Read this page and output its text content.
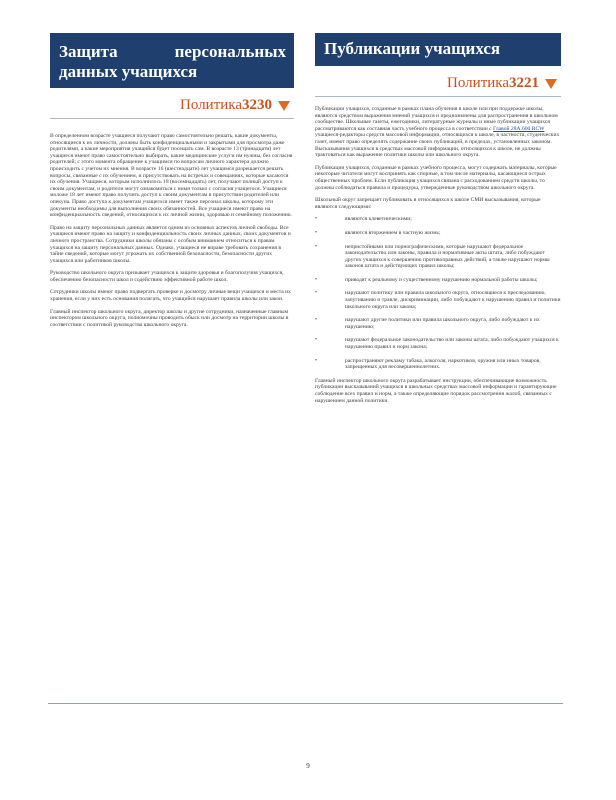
Защита персональных данных учащихся
Политика3230

В определенном возрасте учащиеся получают право самостоятельно решать, какие документы, относящиеся к их личности, должны быть конфиденциальными и закрытыми для просмотра даже родителями, а какие мероприятия учащийся будет посещать сам. В возрасте 13 (тринадцати) лет учащиеся имеют право самостоятельно выбирать, какие медицинские услуги им нужны, без согласия родителей; с этого момента обращение к учащимся по вопросам личного характера должно происходить с учетом их мнения. В возрасте 16 (шестнадцати) лет учащимся разрешается решать вопросы, связанные с их обучением, и присутствовать на встречах и совещаниях, которые касаются их обучения. Учащиеся, которым исполнилось 18 (восемнадцать) лет, получают полный доступ к своим документам, и родители могут ознакомиться с ними только с согласия учащегося. Учащиеся моложе 18 лет имеют право получить доступ к своим документам в присутствии родителей или опекуна. Право доступа к документам учащегося имеет также персонал школы, которому эти документы необходимы для выполнения своих обязанностей. Все учащиеся имеют право на конфиденциальность сведений, относящихся к их личной жизни, здоровью и семейному положению.

Право на защиту персональных данных является одним из основных аспектов личной свободы. Все учащиеся имеют право на защиту и конфиденциальность своих личных данных, своих документов и личного пространства. Сотрудники школы обязаны с особым вниманием относиться к правам учащихся на защиту персональных данных. Однако, учащиеся не вправе требовать сохранения в тайне сведений, которые могут угрожать их собственной безопасности, безопасности других учащихся или работников школы.

Руководство школьного округа призывает учащихся к защите здоровья и благополучия учащихся, обеспечению безопасности школ и содействию эффективной работе школ.

Сотрудники школы имеют право подвергать проверке и досмотру личные вещи учащихся и места их хранения, если у них есть основания полагать, что учащийся нарушает правила школы или закон.

Главный инспектор школьного округа, директор школы и другие сотрудники, назначенные главным инспектором школьного округа, полномочны проводить обыск или досмотр на территории школы в соответствии с политикой руководства школьного округа.

Публикации учащихся
Политика3221

Публикации учащихся, созданные в рамках плана обучения в школе или при поддержке школы, являются средством выражения мнений учащихся и предназначены для распространения в школьном сообществе. Школьные газеты, ежегодники, литературные журналы и иные публикации учащихся рассматриваются как составная часть учебного процесса в соответствии с Главой 28A.600 RCW учащиеся-редакторы средств массовой информации, относящихся к школе, в частности, студенческих газет, имеют право определять содержание своих публикаций, в пределах, установленных законом. Высказывания учащихся в средствах массовой информации, относящихся к школе, не должны трактоваться как выражение политики школы или школьного округа.

Публикации учащихся, созданные в рамках учебного процесса, могут содержать материалы, которые некоторые читатели могут воспринять как спорные, в том числе материалы, касающиеся острых общественных проблем. Если публикация учащихся связана с расходованием средств школы, то должны соблюдаться правила и процедуры, утвержденные руководством школьного округа.

Школьный округ запрещает публиковать в относящихся к школе СМИ высказывания, которые являются следующими:

•	являются клеветническими;
•	являются вторжением в частную жизнь;
•	непристойными или порнографическими, которые нарушают федеральное законодательство или законы, правила и нормативные акты штата, либо побуждают других учащихся к совершению противоправных действий, а также нарушают нормы законов штата и действующих правил школы;
•	приводят к реальному и существенному нарушению нормальной работы школы;
•	нарушают политику или правила школьного округа, относящиеся к преследованию, запугиванию и травле, дискриминации, либо побуждают к нарушению правил и политики школьного округа или закона;
•	нарушают другие политики или правила школьного округа, либо побуждают к их нарушению;
•	нарушают федеральное законодательство или законы штата, либо побуждают учащихся к нарушению правил и норм закона;
•	распространяют рекламу табака, алкоголя, наркотиков, оружия или иных товаров, запрещенных для несовершеннолетних.

Главный инспектор школьного округа разрабатывает инструкции, обеспечивающие возможность публикации высказываний учащихся в школьных средствах массовой информации и гарантирующие соблюдение всех правил и норм, а также определяющие порядок рассмотрения жалоб, связанных с нарушением данной политики.

9
